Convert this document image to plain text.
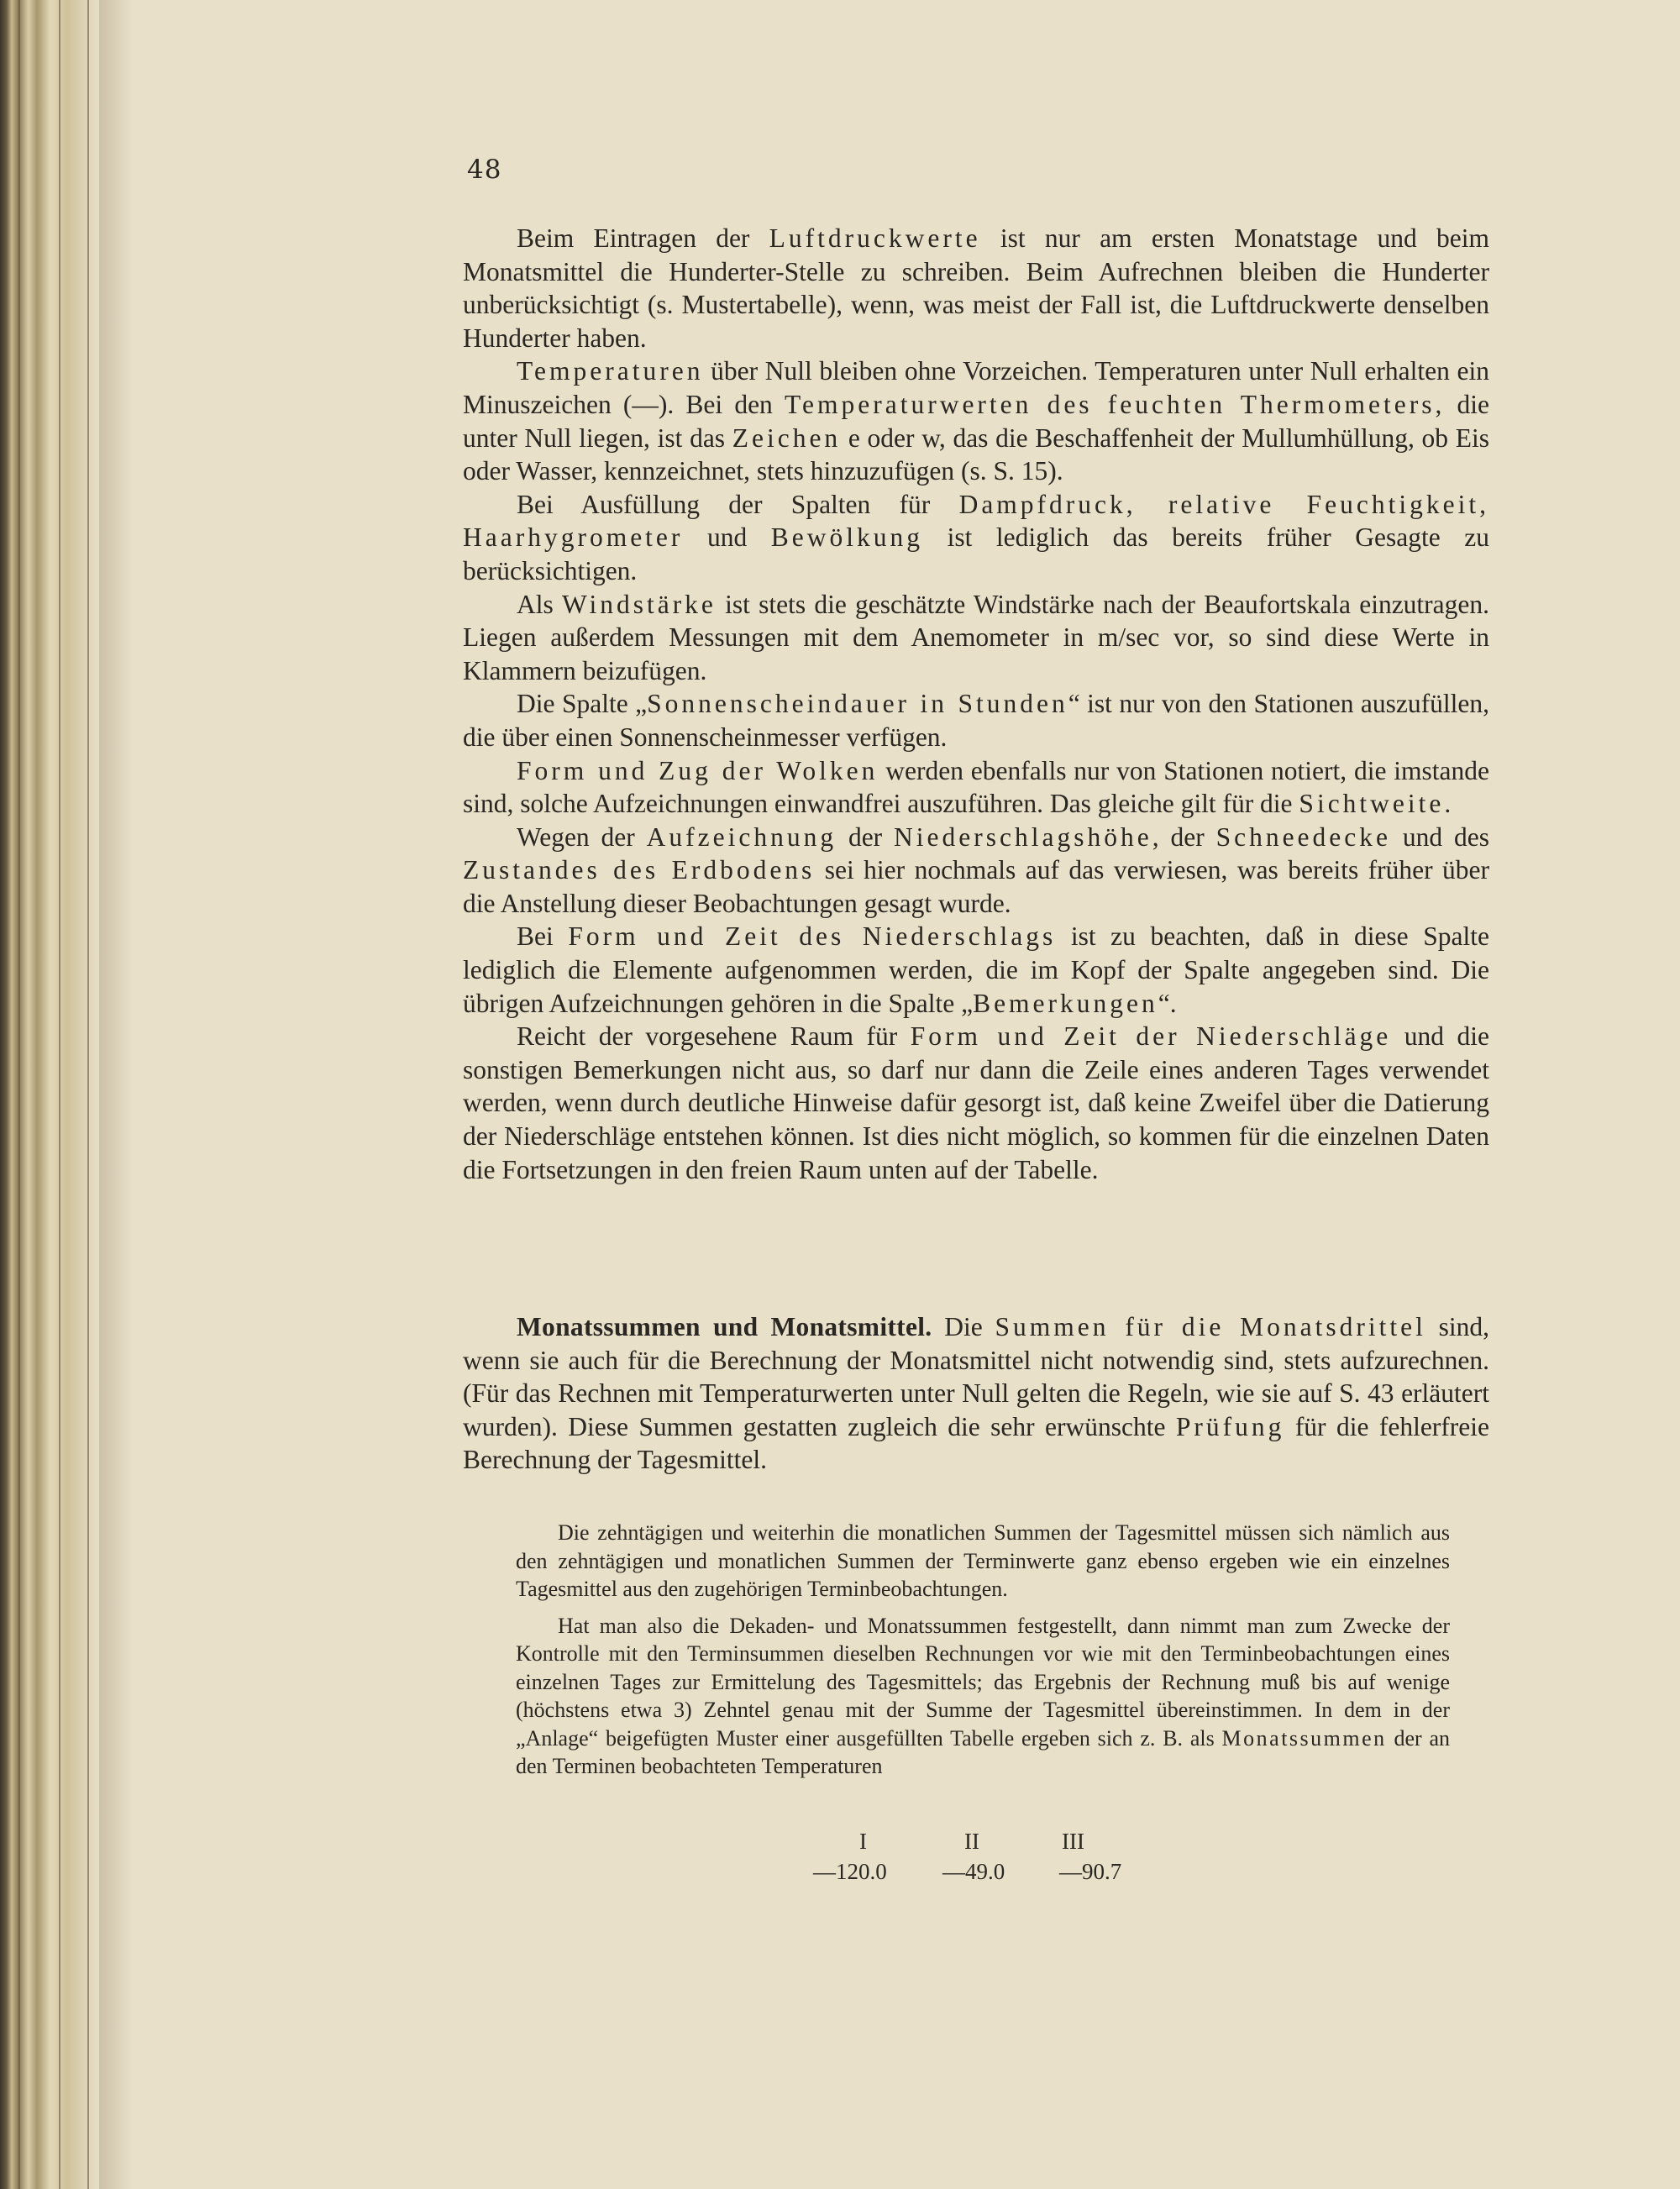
48

Beim Eintragen der Luftdruckwerte ist nur am ersten Monatstage und beim Monatsmittel die Hunderter-Stelle zu schreiben. Beim Aufrechnen bleiben die Hunderter unberücksichtigt (s. Mustertabelle), wenn, was meist der Fall ist, die Luftdruckwerte denselben Hunderter haben.

Temperaturen über Null bleiben ohne Vorzeichen. Temperaturen unter Null erhalten ein Minuszeichen (—). Bei den Temperaturwerten des feuchten Thermometers, die unter Null liegen, ist das Zeichen e oder w, das die Beschaffenheit der Mullumhüllung, ob Eis oder Wasser, kennzeichnet, stets hinzuzufügen (s. S. 15).

Bei Ausfüllung der Spalten für Dampfdruck, relative Feuchtigkeit, Haarhygrometer und Bewölkung ist lediglich das bereits früher Gesagte zu berücksichtigen.

Als Windstärke ist stets die geschätzte Windstärke nach der Beaufortskala einzutragen. Liegen außerdem Messungen mit dem Anemometer in m/sec vor, so sind diese Werte in Klammern beizufügen.

Die Spalte „Sonnenscheindauer in Stunden“ ist nur von den Stationen auszufüllen, die über einen Sonnenscheinmesser verfügen.

Form und Zug der Wolken werden ebenfalls nur von Stationen notiert, die imstande sind, solche Aufzeichnungen einwandfrei auszuführen. Das gleiche gilt für die Sichtweite.

Wegen der Aufzeichnung der Niederschlagshöhe, der Schneedecke und des Zustandes des Erdbodens sei hier nochmals auf das verwiesen, was bereits früher über die Anstellung dieser Beobachtungen gesagt wurde.

Bei Form und Zeit des Niederschlags ist zu beachten, daß in diese Spalte lediglich die Elemente aufgenommen werden, die im Kopf der Spalte angegeben sind. Die übrigen Aufzeichnungen gehören in die Spalte „Bemerkungen“.

Reicht der vorgesehene Raum für Form und Zeit der Niederschläge und die sonstigen Bemerkungen nicht aus, so darf nur dann die Zeile eines anderen Tages verwendet werden, wenn durch deutliche Hinweise dafür gesorgt ist, daß keine Zweifel über die Datierung der Niederschläge entstehen können. Ist dies nicht möglich, so kommen für die einzelnen Daten die Fortsetzungen in den freien Raum unten auf der Tabelle.

Monatssummen und Monatsmittel. Die Summen für die Monatsdrittel sind, wenn sie auch für die Berechnung der Monatsmittel nicht notwendig sind, stets aufzurechnen. (Für das Rechnen mit Temperaturwerten unter Null gelten die Regeln, wie sie auf S. 43 erläutert wurden). Diese Summen gestatten zugleich die sehr erwünschte Prüfung für die fehlerfreie Berechnung der Tagesmittel.

Die zehntägigen und weiterhin die monatlichen Summen der Tagesmittel müssen sich nämlich aus den zehntägigen und monatlichen Summen der Terminwerte ganz ebenso ergeben wie ein einzelnes Tagesmittel aus den zugehörigen Terminbeobachtungen.

Hat man also die Dekaden- und Monatssummen festgestellt, dann nimmt man zum Zwecke der Kontrolle mit den Terminsummen dieselben Rechnungen vor wie mit den Terminbeobachtungen eines einzelnen Tages zur Ermittelung des Tagesmittels; das Ergebnis der Rechnung muß bis auf wenige (höchstens etwa 3) Zehntel genau mit der Summe der Tagesmittel übereinstimmen. In dem in der „Anlage“ beigefügten Muster einer ausgefüllten Tabelle ergeben sich z. B. als Monatssummen der an den Terminen beobachteten Temperaturen

I	II	III
—120.0 —49.0 —90.7
